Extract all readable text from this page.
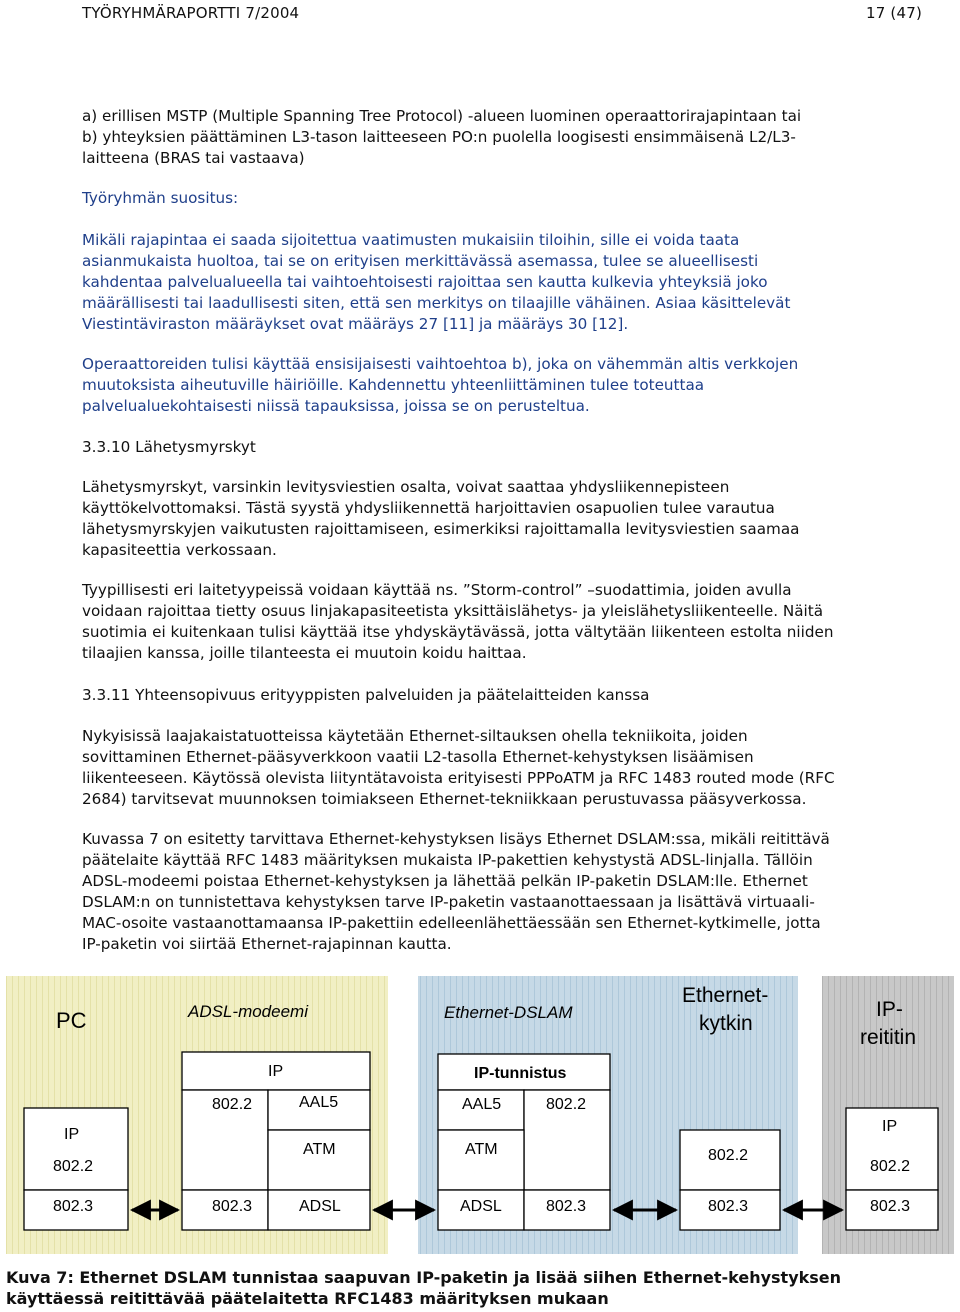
TYÖRYHMÄRAPORTTI 7/2004	17 (47)

a) erillisen MSTP (Multiple Spanning Tree Protocol) -alueen luominen operaattorirajapintaan tai
b) yhteyksien päättäminen L3-tason laitteeseen PO:n puolella loogisesti ensimmäisenä L2/L3-
laitteena (BRAS tai vastaava)

Työryhmän suositus:

Mikäli rajapintaa ei saada sijoitettua vaatimusten mukaisiin tiloihin, sille ei voida taata
asianmukaista huoltoa, tai se on erityisen merkittävässä asemassa, tulee se alueellisesti
kahdentaa palvelualueella tai vaihtoehtoisesti rajoittaa sen kautta kulkevia yhteyksiä joko
määrällisesti tai laadullisesti siten, että sen merkitys on tilaajille vähäinen. Asiaa käsittelevät
Viestintäviraston määräykset ovat määräys 27 [11] ja määräys 30 [12].

Operaattoreiden tulisi käyttää ensisijaisesti vaihtoehtoa b), joka on vähemmän altis verkkojen
muutoksista aiheutuville häiriöille. Kahdennettu yhteenliittäminen tulee toteuttaa
palvelualuekohtaisesti niissä tapauksissa, joissa se on perusteltua.

3.3.10 Lähetysmyrskyt

Lähetysmyrskyt, varsinkin levitysviestien osalta, voivat saattaa yhdysliikennepisteen
käyttökelvottomaksi. Tästä syystä yhdysliikennettä harjoittavien osapuolien tulee varautua
lähetysmyrskyjen vaikutusten rajoittamiseen, esimerkiksi rajoittamalla levitysviestien saamaa
kapasiteettia verkossaan.

Tyypillisesti eri laitetyypeissä voidaan käyttää ns. ”Storm-control” –suodattimia, joiden avulla
voidaan rajoittaa tietty osuus linjakapasiteetista yksittäislähetys- ja yleislähetysliikenteelle. Näitä
suotimia ei kuitenkaan tulisi käyttää itse yhdyskäytävässä, jotta vältytään liikenteen estolta niiden
tilaajien kanssa, joille tilanteesta ei muutoin koidu haittaa.

3.3.11 Yhteensopivuus erityyppisten palveluiden ja päätelaitteiden kanssa

Nykyisissä laajakaistatuotteissa käytetään Ethernet-siltauksen ohella tekniikoita, joiden
sovittaminen Ethernet-pääsyverkkoon vaatii L2-tasolla Ethernet-kehystyksen lisäämisen
liikenteeseen. Käytössä olevista liityntätavoista erityisesti PPPoATM ja RFC 1483 routed mode (RFC
2684) tarvitsevat muunnoksen toimiakseen Ethernet-tekniikkaan perustuvassa pääsyverkossa.

Kuvassa 7 on esitetty tarvittava Ethernet-kehystyksen lisäys Ethernet DSLAM:ssa, mikäli reitittävä
päätelaite käyttää RFC 1483 määrityksen mukaista IP-pakettien kehystystä ADSL-linjalla. Tällöin
ADSL-modeemi poistaa Ethernet-kehystyksen ja lähettää pelkän IP-paketin DSLAM:lle. Ethernet
DSLAM:n on tunnistettava kehystyksen tarve IP-paketin vastaanottaessaan ja lisättävä virtuaali-
MAC-osoite vastaanottamaansa IP-pakettiin edelleenlähettäessään sen Ethernet-kytkimelle, jotta
IP-paketin voi siirtää Ethernet-rajapinnan kautta.

PC	ADSL-modeemi	Ethernet-DSLAM
Ethernet-
kytkin
IP-
reititin
IP
802.2
802.3
IP
802.2	AAL5
ATM
802.3	ADSL
IP-tunnistus
AAL5	802.2
ATM
ADSL	802.3
802.2
802.3
IP
802.2
802.3

Kuva 7: Ethernet DSLAM tunnistaa saapuvan IP-paketin ja lisää siihen Ethernet-kehystyksen
käyttäessä reitittävää päätelaitetta RFC1483 määrityksen mukaan
